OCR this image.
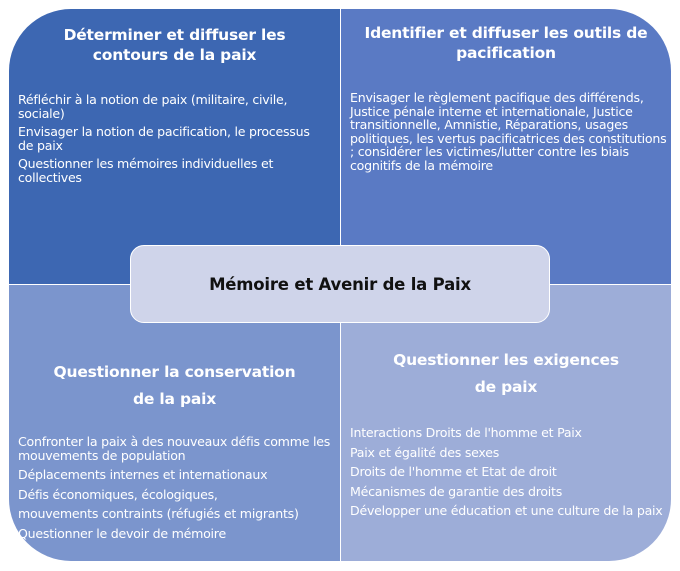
Déterminer et diffuser les contours de la paix
Réfléchir à la notion de paix (militaire, civile, sociale)
Envisager la notion de pacification, le processus de paix
Questionner les mémoires individuelles et collectives
Identifier et diffuser les outils de pacification
Envisager le règlement pacifique des différends, Justice pénale interne et internationale, Justice transitionnelle, Amnistie, Réparations, usages politiques, les vertus pacificatrices des constitutions ; considérer les victimes/lutter contre les biais cognitifs de la mémoire
Questionner la conservation
de la paix
Confronter la paix à des nouveaux défis comme les mouvements de population
Déplacements internes et internationaux
Défis économiques, écologiques,
mouvements contraints (réfugiés et migrants)
Questionner le devoir de mémoire
Questionner les exigences
de paix
Interactions Droits de l'homme et Paix
Paix et égalité des sexes
Droits de l'homme et Etat de droit
Mécanismes de garantie des droits
Développer une éducation et une culture de la paix
Mémoire et Avenir de la Paix
